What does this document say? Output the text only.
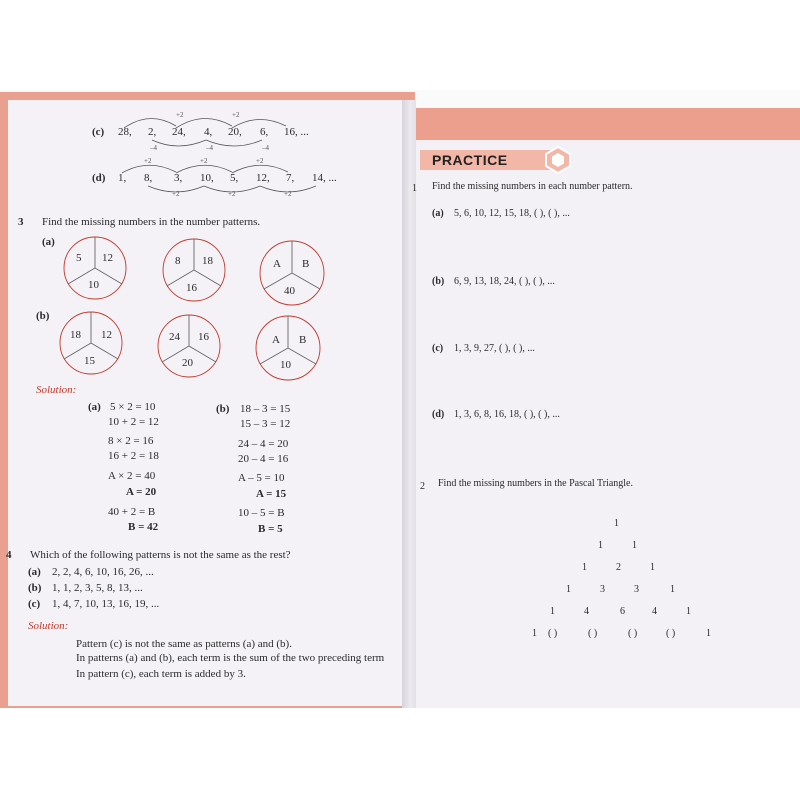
(c) 28, 2, 24, 4, 20, 6, 16, ...
+2	+2
–4	–4	–4
(d) 1, 8, 3, 10, 5, 12, 7, 14, ...
+2	+2	+2
+2	+2	+2
3 Find the missing numbers in the number patterns.
(a)
5 12
10
8 18
16
A B
40
(b)
18 12
15
24 16
20
A B
10
Solution:
(a) 5 × 2 = 10
10 + 2 = 12
8 × 2 = 16
16 + 2 = 18
A × 2 = 40
A = 20
40 + 2 = B
B = 42
(b) 18 – 3 = 15
15 – 3 = 12
24 – 4 = 20
20 – 4 = 16
A – 5 = 10
A = 15
10 – 5 = B
B = 5
4 Which of the following patterns is not the same as the rest?
(a) 2, 2, 4, 6, 10, 16, 26, ...
(b) 1, 1, 2, 3, 5, 8, 13, ...
(c) 1, 4, 7, 10, 13, 16, 19, ...
Solution:
Pattern (c) is not the same as patterns (a) and (b).
In patterns (a) and (b), each term is the sum of the two preceding term
In pattern (c), each term is added by 3.
PRACTICE
1 Find the missing numbers in each number pattern.
(a) 5, 6, 10, 12, 15, 18, ( ), ( ), ...
(b) 6, 9, 13, 18, 24, ( ), ( ), ...
(c) 1, 3, 9, 27, ( ), ( ), ...
(d) 1, 3, 6, 8, 16, 18, ( ), ( ), ...
2 Find the missing numbers in the Pascal Triangle.
1
1	1
1	2	1
1	3	3	1
1	4	6	4	1
1 ( )	( )	( )	( )	1
